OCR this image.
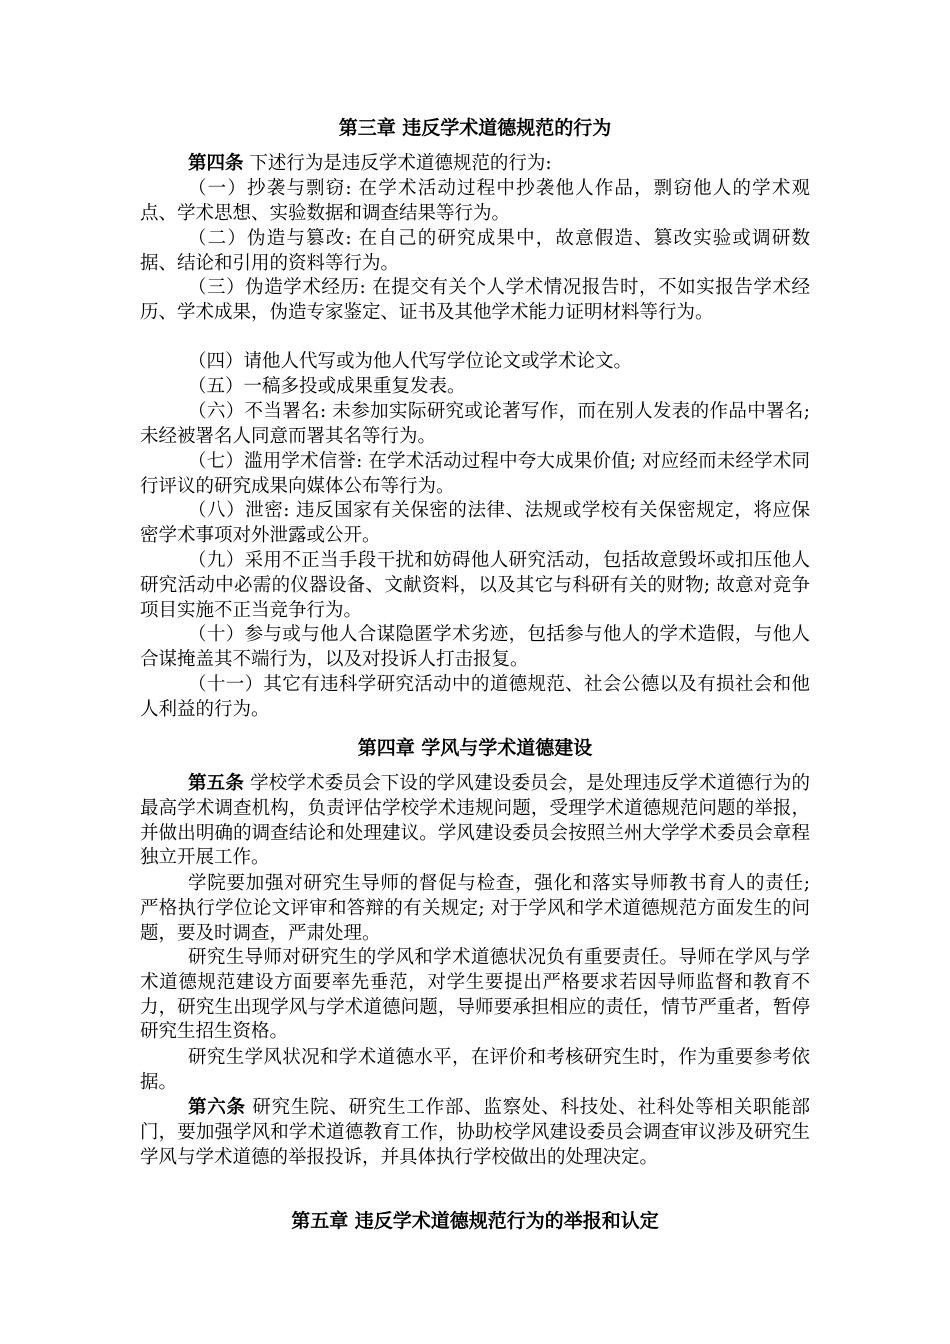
第三章 违反学术道德规范的行为

第四条 下述行为是违反学术道德规范的行为:

（一）抄袭与剽窃: 在学术活动过程中抄袭他人作品，剽窃他人的学术观点、学术思想、实验数据和调查结果等行为。

（二）伪造与篡改: 在自己的研究成果中，故意假造、篡改实验或调研数据、结论和引用的资料等行为。

（三）伪造学术经历: 在提交有关个人学术情况报告时，不如实报告学术经历、学术成果，伪造专家鉴定、证书及其他学术能力证明材料等行为。

（四）请他人代写或为他人代写学位论文或学术论文。

（五）一稿多投或成果重复发表。

（六）不当署名: 未参加实际研究或论著写作，而在别人发表的作品中署名; 未经被署名人同意而署其名等行为。

（七）滥用学术信誉: 在学术活动过程中夸大成果价值; 对应经而未经学术同行评议的研究成果向媒体公布等行为。

（八）泄密: 违反国家有关保密的法律、法规或学校有关保密规定，将应保密学术事项对外泄露或公开。

（九）采用不正当手段干扰和妨碍他人研究活动，包括故意毁坏或扣压他人研究活动中必需的仪器设备、文献资料，以及其它与科研有关的财物; 故意对竞争项目实施不正当竞争行为。

（十）参与或与他人合谋隐匿学术劣迹，包括参与他人的学术造假，与他人合谋掩盖其不端行为，以及对投诉人打击报复。

（十一）其它有违科学研究活动中的道德规范、社会公德以及有损社会和他人利益的行为。

第四章 学风与学术道德建设

第五条 学校学术委员会下设的学风建设委员会，是处理违反学术道德行为的最高学术调查机构，负责评估学校学术违规问题，受理学术道德规范问题的举报，并做出明确的调查结论和处理建议。学风建设委员会按照兰州大学学术委员会章程独立开展工作。

学院要加强对研究生导师的督促与检查，强化和落实导师教书育人的责任; 严格执行学位论文评审和答辩的有关规定; 对于学风和学术道德规范方面发生的问题，要及时调查，严肃处理。

研究生导师对研究生的学风和学术道德状况负有重要责任。导师在学风与学术道德规范建设方面要率先垂范，对学生要提出严格要求若因导师监督和教育不力，研究生出现学风与学术道德问题，导师要承担相应的责任，情节严重者，暂停研究生招生资格。

研究生学风状况和学术道德水平，在评价和考核研究生时，作为重要参考依据。

第六条 研究生院、研究生工作部、监察处、科技处、社科处等相关职能部门，要加强学风和学术道德教育工作，协助校学风建设委员会调查审议涉及研究生学风与学术道德的举报投诉，并具体执行学校做出的处理决定。

第五章 违反学术道德规范行为的举报和认定
